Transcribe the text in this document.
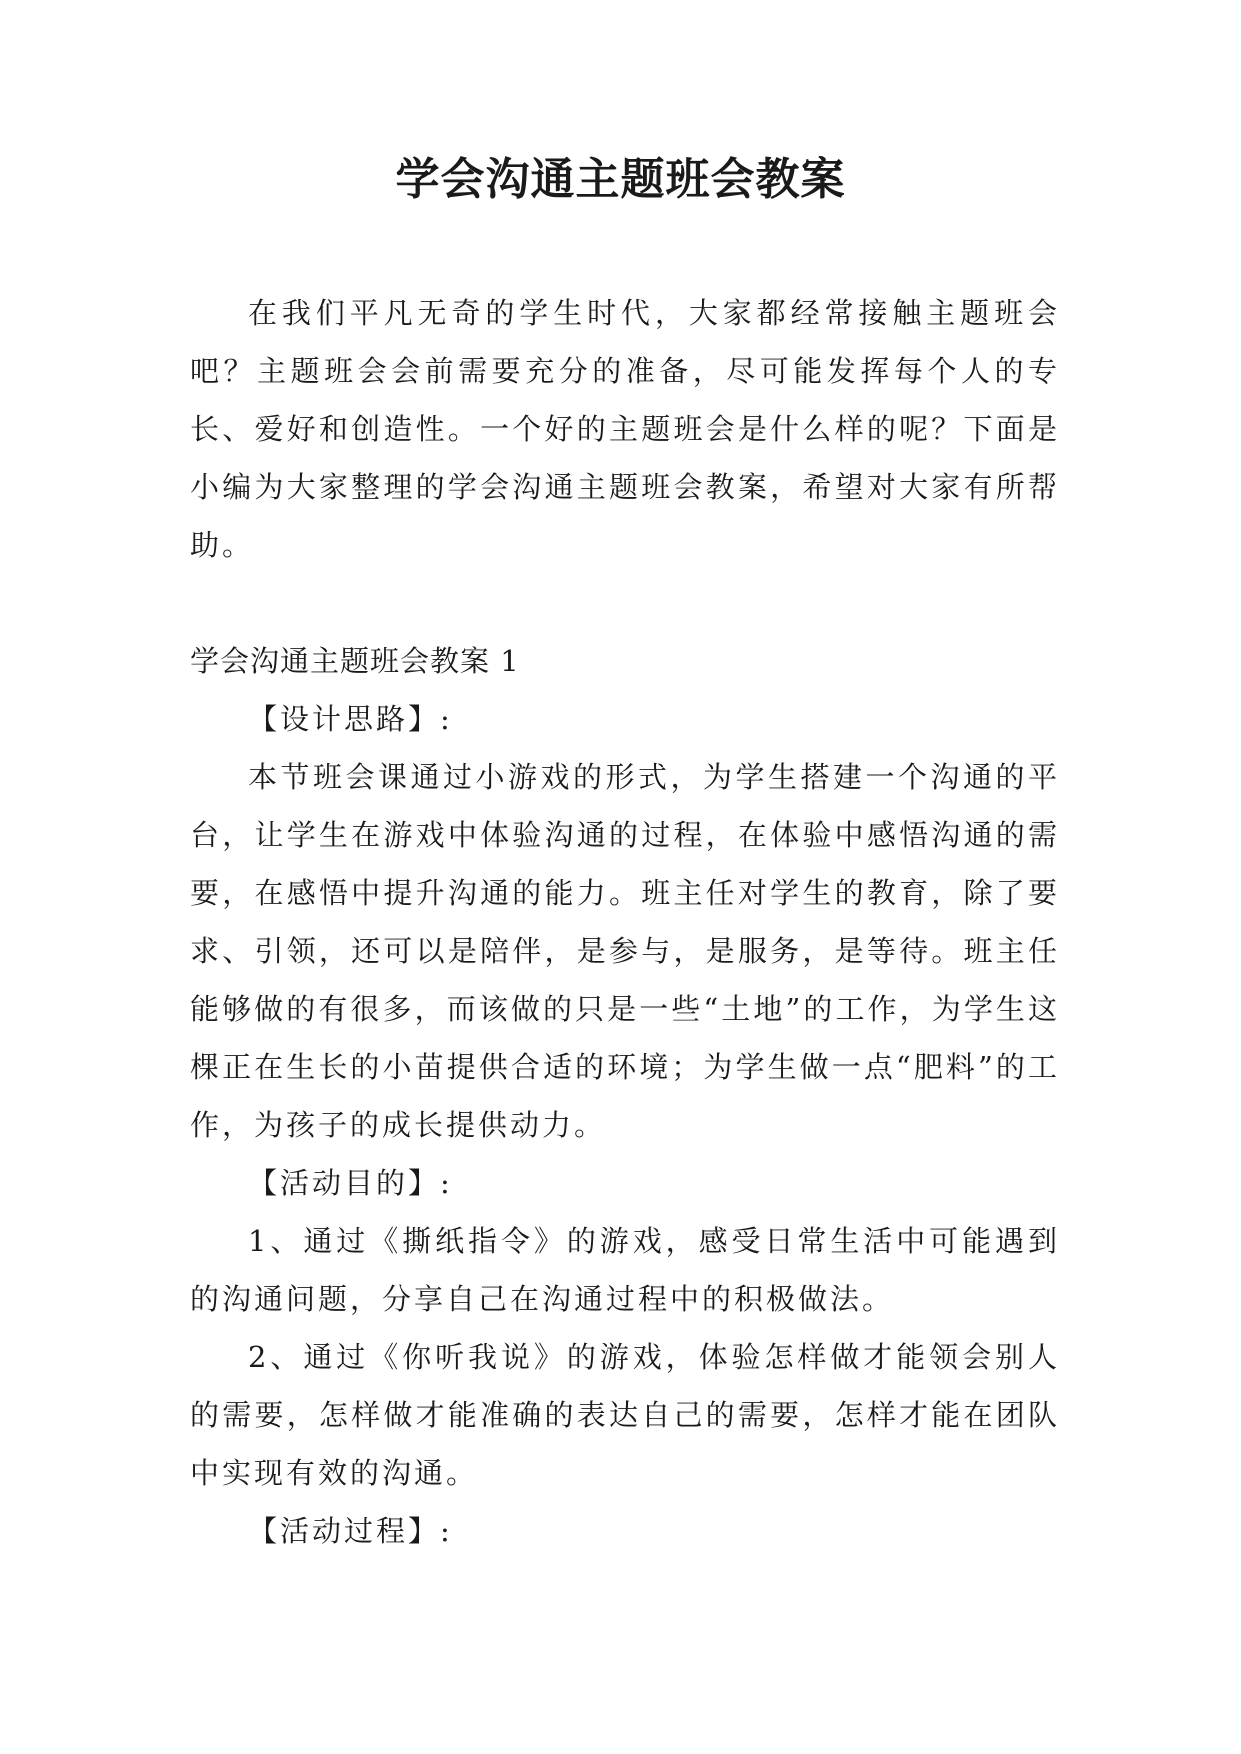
学会沟通主题班会教案

在我们平凡无奇的学生时代，大家都经常接触主题班会吧？主题班会会前需要充分的准备，尽可能发挥每个人的专长、爱好和创造性。一个好的主题班会是什么样的呢？下面是小编为大家整理的学会沟通主题班会教案，希望对大家有所帮助。

学会沟通主题班会教案 1

【设计思路】:

本节班会课通过小游戏的形式，为学生搭建一个沟通的平台，让学生在游戏中体验沟通的过程，在体验中感悟沟通的需要，在感悟中提升沟通的能力。班主任对学生的教育，除了要求、引领，还可以是陪伴，是参与，是服务，是等待。班主任能够做的有很多，而该做的只是一些“土地”的工作，为学生这棵正在生长的小苗提供合适的环境；为学生做一点“肥料”的工作，为孩子的成长提供动力。

【活动目的】:

1、通过《撕纸指令》的游戏，感受日常生活中可能遇到的沟通问题，分享自己在沟通过程中的积极做法。

2、通过《你听我说》的游戏，体验怎样做才能领会别人的需要，怎样做才能准确的表达自己的需要，怎样才能在团队中实现有效的沟通。

【活动过程】:
